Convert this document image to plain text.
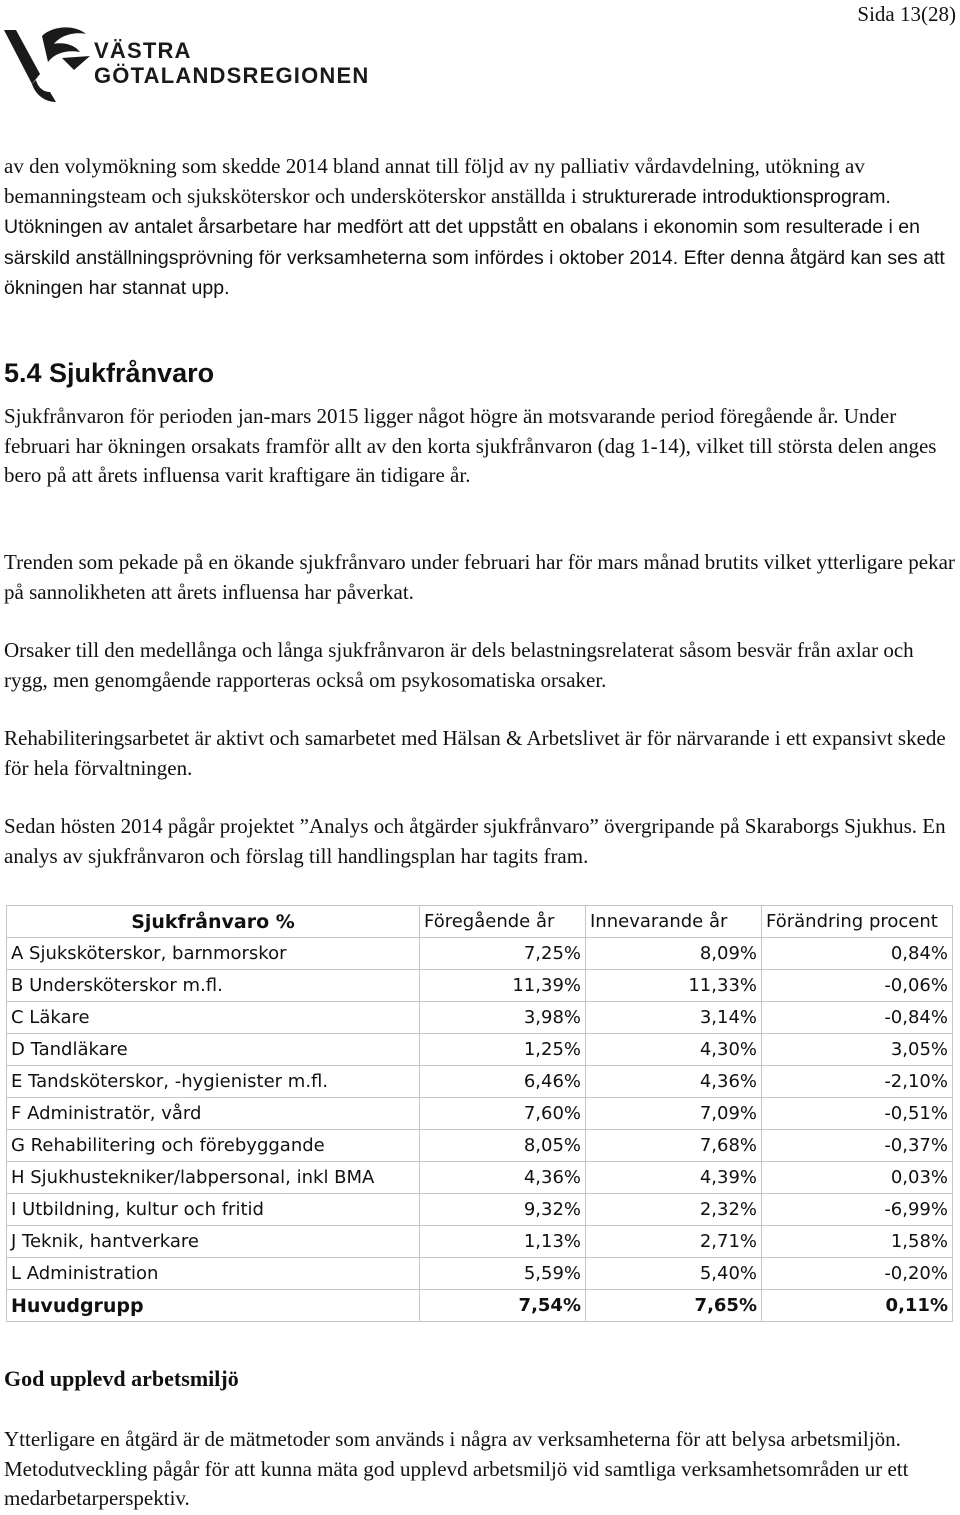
VÄSTRA
GÖTALANDSREGIONEN
Sida 13(28)
av den volymökning som skedde 2014 bland annat till följd av ny palliativ vårdavdelning, utökning av bemanningsteam och sjuksköterskor och undersköterskor anställda i strukturerade introduktionsprogram. Utökningen av antalet årsarbetare har medfört att det uppstått en obalans i ekonomin som resulterade i en särskild anställningsprövning för verksamheterna som infördes i oktober 2014. Efter denna åtgärd kan ses att ökningen har stannat upp.
5.4 Sjukfrånvaro
Sjukfrånvaron för perioden jan-mars 2015 ligger något högre än motsvarande period föregående år. Under februari har ökningen orsakats framför allt av den korta sjukfrånvaron (dag 1-14), vilket till största delen anges bero på att årets influensa varit kraftigare än tidigare år.
Trenden som pekade på en ökande sjukfrånvaro under februari har för mars månad brutits vilket ytterligare pekar på sannolikheten att årets influensa har påverkat.
Orsaker till den medellånga och långa sjukfrånvaron är dels belastningsrelaterat såsom besvär från axlar och rygg, men genomgående rapporteras också om psykosomatiska orsaker.
Rehabiliteringsarbetet är aktivt och samarbetet med Hälsan & Arbetslivet är för närvarande i ett expansivt skede för hela förvaltningen.
Sedan hösten 2014 pågår projektet ”Analys och åtgärder sjukfrånvaro” övergripande på Skaraborgs Sjukhus. En analys av sjukfrånvaron och förslag till handlingsplan har tagits fram.
Sjukfrånvaro %	Föregående år	Innevarande år	Förändring procent
A Sjuksköterskor, barnmorskor	7,25%	8,09%	0,84%
B Undersköterskor m.fl.	11,39%	11,33%	-0,06%
C Läkare	3,98%	3,14%	-0,84%
D Tandläkare	1,25%	4,30%	3,05%
E Tandsköterskor, -hygienister m.fl.	6,46%	4,36%	-2,10%
F Administratör, vård	7,60%	7,09%	-0,51%
G Rehabilitering och förebyggande	8,05%	7,68%	-0,37%
H Sjukhustekniker/labpersonal, inkl BMA	4,36%	4,39%	0,03%
I Utbildning, kultur och fritid	9,32%	2,32%	-6,99%
J Teknik, hantverkare	1,13%	2,71%	1,58%
L Administration	5,59%	5,40%	-0,20%
Huvudgrupp	7,54%	7,65%	0,11%
God upplevd arbetsmiljö
Ytterligare en åtgärd är de mätmetoder som används i några av verksamheterna för att belysa arbetsmiljön. Metodutveckling pågår för att kunna mäta god upplevd arbetsmiljö vid samtliga verksamhetsområden ur ett medarbetarperspektiv.
